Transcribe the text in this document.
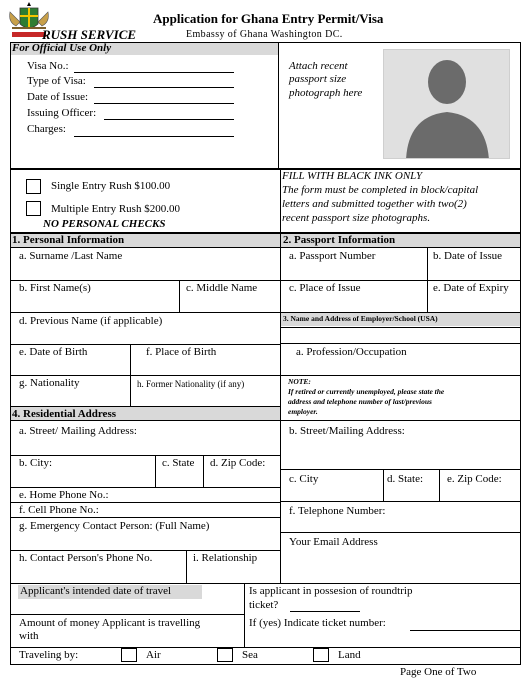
Application for Ghana Entry Permit/Visa
RUSH SERVICE	Embassy of Ghana Washington DC.
For Official Use Only
Visa No.:
Type of Visa:
Date of Issue:
Issuing Officer:
Charges:
Attach recent
passport size
photograph here
Single Entry Rush $100.00
Multiple Entry Rush $200.00
NO PERSONAL CHECKS
FILL WITH BLACK INK ONLY
The form must be completed in block/capital
letters and submitted together with two(2)
recent passport size photographs.
1. Personal Information	2. Passport Information
a. Surname /Last Name
b. First Name(s)	c. Middle Name
d. Previous Name (if applicable)
e. Date of Birth	f. Place of Birth
g. Nationality	h. Former Nationality (if any)
4. Residential Address
a. Street/ Mailing Address:
b. City:	c. State d. Zip Code:
e. Home Phone No.:
f. Cell Phone No.:
g. Emergency Contact Person: (Full Name)
h. Contact Person's Phone No.	i. Relationship
a. Passport Number	b. Date of Issue
c. Place of Issue	e. Date of Expiry
3. Name and Address of Employer/School (USA)
a. Profession/Occupation
NOTE:
If retired or currently unemployed, please state the
address and telephone number of last/previous
employer.
b. Street/Mailing Address:
c. City	d. State: e. Zip Code:
f. Telephone Number:
Your Email Address
Applicant's intended date of travel	Is applicant in possesion of roundtrip
ticket?
Amount of money Applicant is travelling
with
If (yes) Indicate ticket number:
Traveling by:	Air	Sea	Land
Page One of Two
